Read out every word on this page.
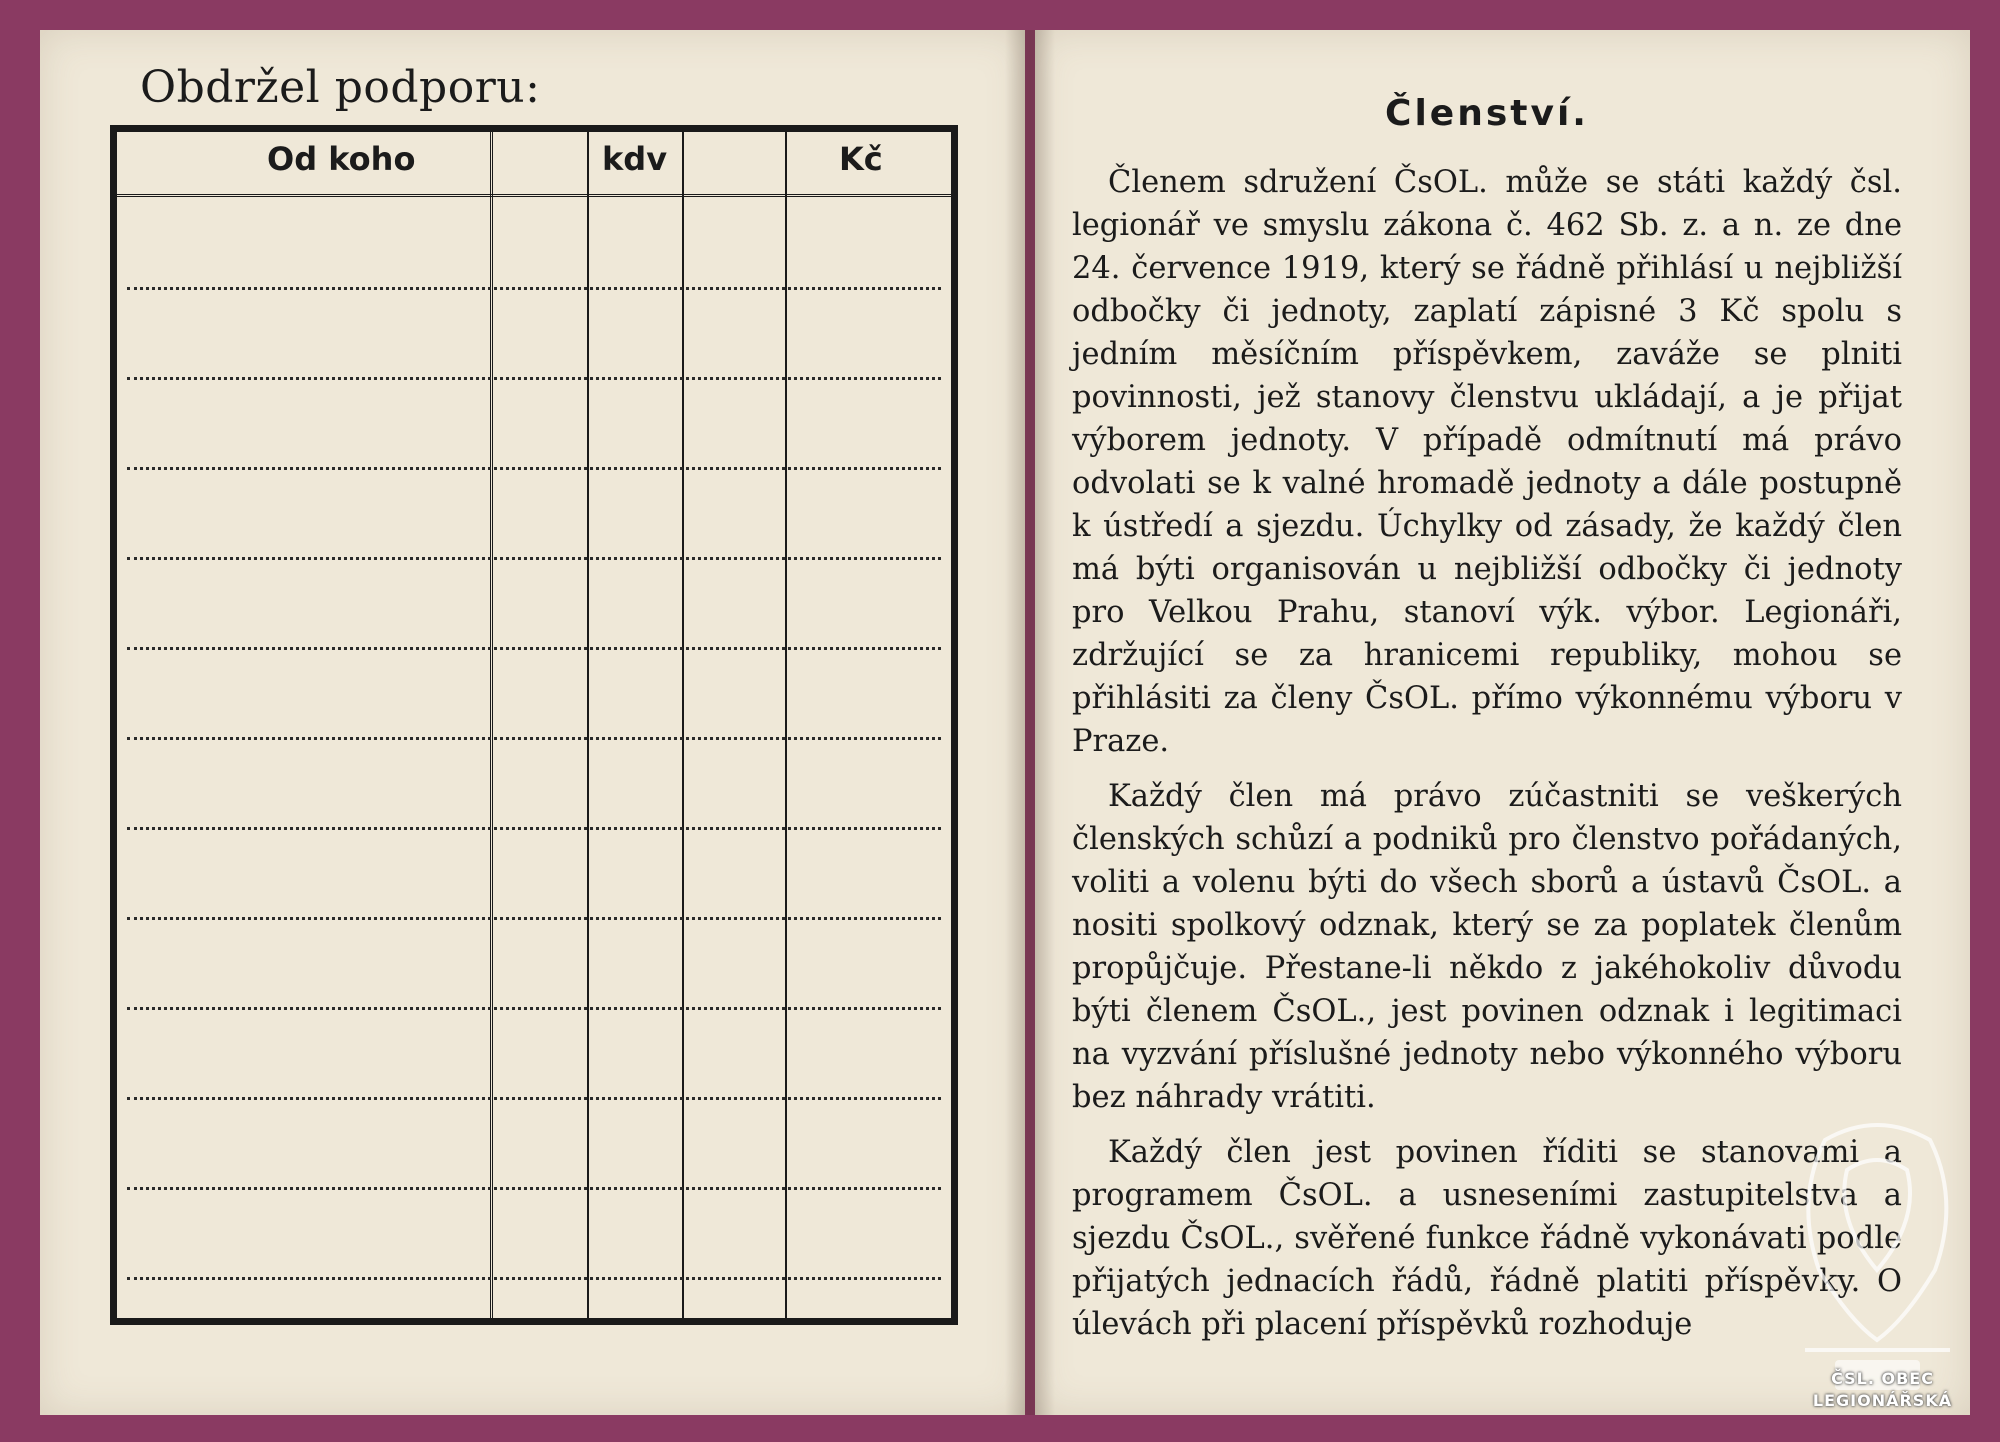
Obdržel podporu:
Od koho	kdv	Kč
Členství.

Členem sdružení ČsOL. může se státi každý čsl. legionář ve smyslu zákona č. 462 Sb. z. a n. ze dne 24. července 1919, který se řádně přihlásí u nejbližší odbočky či jednoty, zaplatí zápisné 3 Kč spolu s jedním měsíčním příspěvkem, zaváže se plniti povinnosti, jež stanovy členstvu ukládají, a je přijat výborem jednoty. V případě odmítnutí má právo odvolati se k valné hromadě jednoty a dále postupně k ústředí a sjezdu. Úchylky od zásady, že každý člen má býti organisován u nejbližší odbočky či jednoty pro Velkou Prahu, stanoví výk. výbor. Legionáři, zdržující se za hranicemi republiky, mohou se přihlásiti za členy ČsOL. přímo výkonnému výboru v Praze.

Každý člen má právo zúčastniti se veškerých členských schůzí a podniků pro členstvo pořádaných, voliti a volenu býti do všech sborů a ústavů ČsOL. a nositi spolkový odznak, který se za poplatek členům propůjčuje. Přestane-li někdo z jakéhokoliv důvodu býti členem ČsOL., jest povinen odznak i legitimaci na vyzvání příslušné jednoty nebo výkonného výboru bez náhrady vrátiti.

Každý člen jest povinen říditi se stanovami a programem ČsOL. a usneseními zastupitelstva a sjezdu ČsOL., svěřené funkce řádně vykonávati podle přijatých jednacích řádů, řádně platiti příspěvky. O úlevách při placení příspěvků rozhoduje

ČSL. OBEC
LEGIONÁŘSKÁ
